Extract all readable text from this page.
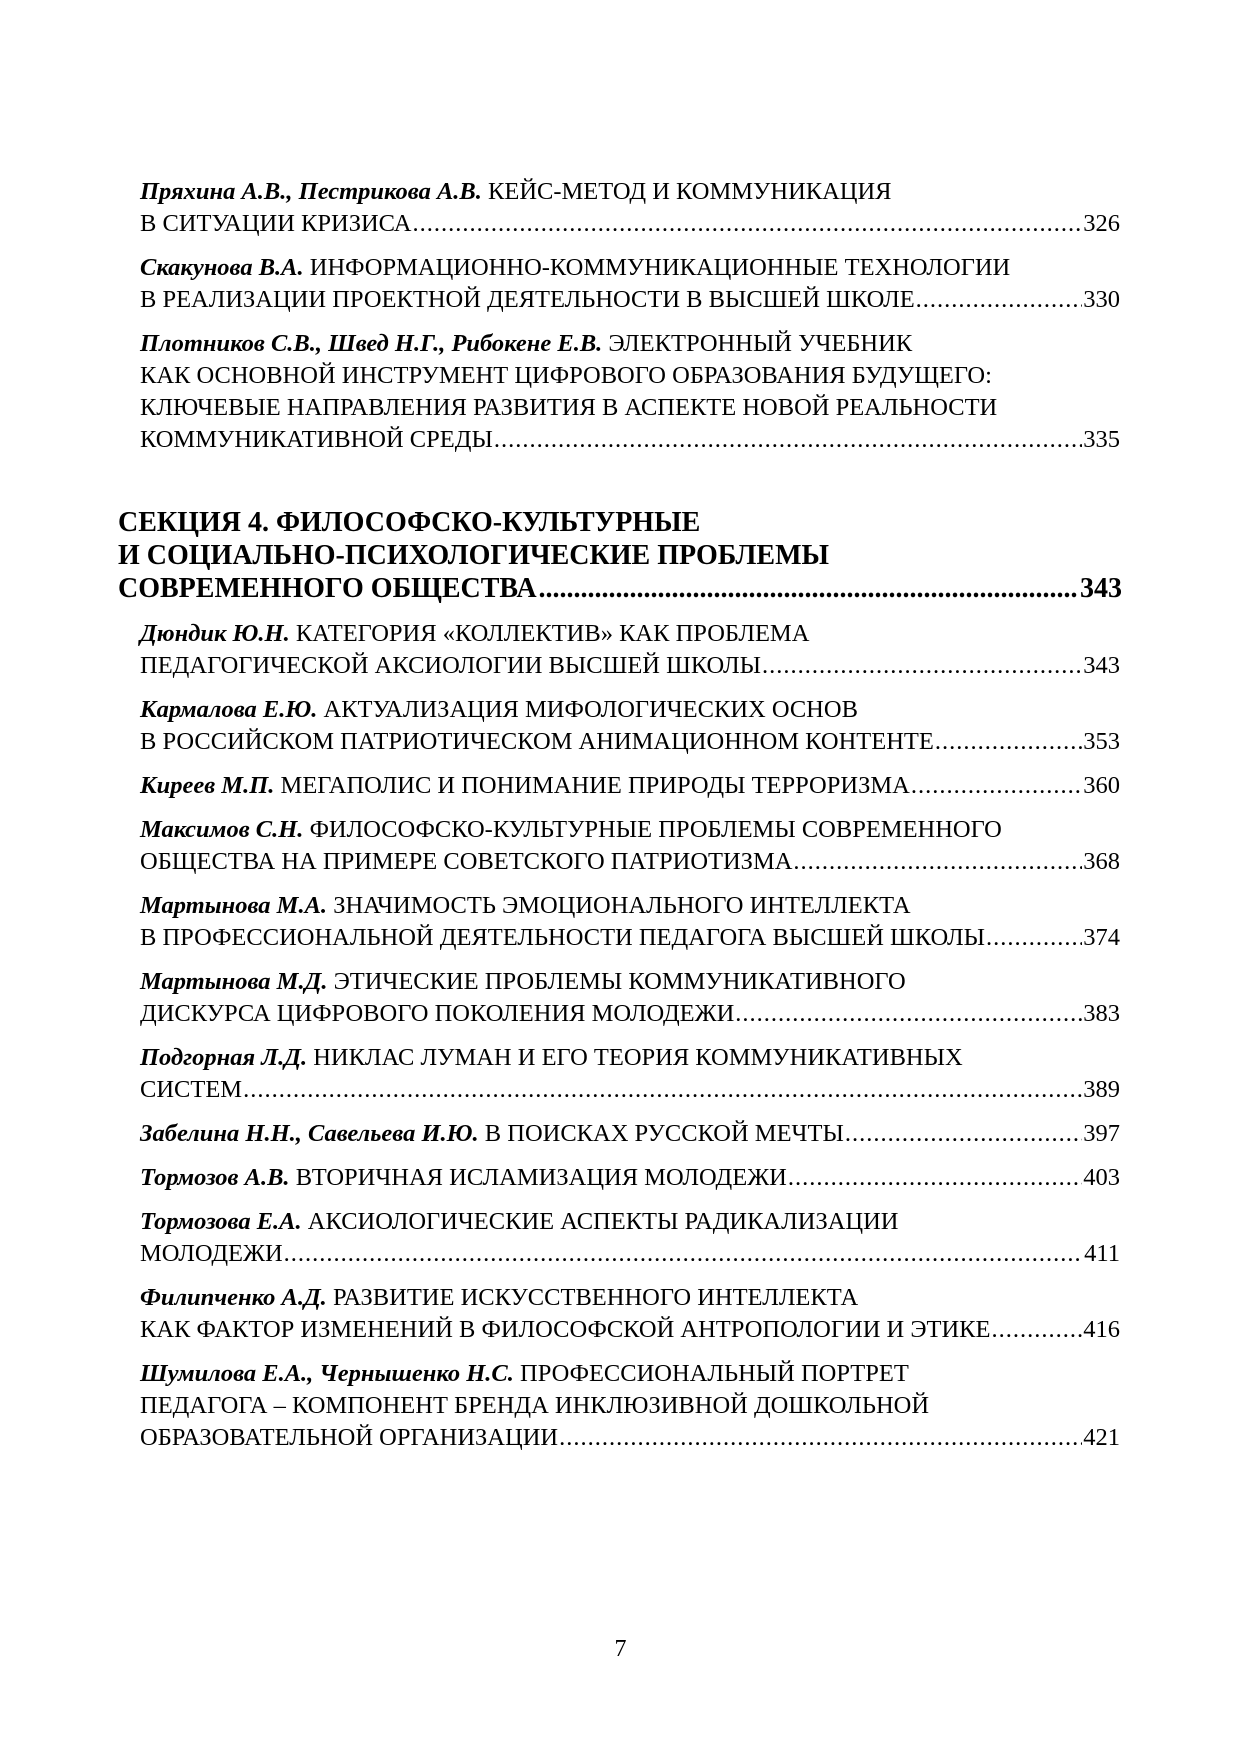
Пряхина А.В., Пестрикова А.В. КЕЙС-МЕТОД И КОММУНИКАЦИЯ
В СИТУАЦИИ КРИЗИСА .....	326
Скакунова В.А. ИНФОРМАЦИОННО-КОММУНИКАЦИОННЫЕ ТЕХНОЛОГИИ
В РЕАЛИЗАЦИИ ПРОЕКТНОЙ ДЕЯТЕЛЬНОСТИ В ВЫСШЕЙ ШКОЛЕ .....	330
Плотников С.В., Швед Н.Г., Рибокене Е.В. ЭЛЕКТРОННЫЙ УЧЕБНИК
КАК ОСНОВНОЙ ИНСТРУМЕНТ ЦИФРОВОГО ОБРАЗОВАНИЯ БУДУЩЕГО:
КЛЮЧЕВЫЕ НАПРАВЛЕНИЯ РАЗВИТИЯ В АСПЕКТЕ НОВОЙ РЕАЛЬНОСТИ
КОММУНИКАТИВНОЙ СРЕДЫ .....	335
СЕКЦИЯ 4. ФИЛОСОФСКО-КУЛЬТУРНЫЕ
И СОЦИАЛЬНО-ПСИХОЛОГИЧЕСКИЕ ПРОБЛЕМЫ
СОВРЕМЕННОГО ОБЩЕСТВА .....	343
Дюндик Ю.Н. КАТЕГОРИЯ «КОЛЛЕКТИВ» КАК ПРОБЛЕМА
ПЕДАГОГИЧЕСКОЙ АКСИОЛОГИИ ВЫСШЕЙ ШКОЛЫ .....	343
Кармалова Е.Ю. АКТУАЛИЗАЦИЯ МИФОЛОГИЧЕСКИХ ОСНОВ
В РОССИЙСКОМ ПАТРИОТИЧЕСКОМ АНИМАЦИОННОМ КОНТЕНТЕ .....	353
Киреев М.П. МЕГАПОЛИС И ПОНИМАНИЕ ПРИРОДЫ ТЕРРОРИЗМА .....	360
Максимов С.Н. ФИЛОСОФСКО-КУЛЬТУРНЫЕ ПРОБЛЕМЫ СОВРЕМЕННОГО
ОБЩЕСТВА НА ПРИМЕРЕ СОВЕТСКОГО ПАТРИОТИЗМА .....	368
Мартынова М.А. ЗНАЧИМОСТЬ ЭМОЦИОНАЛЬНОГО ИНТЕЛЛЕКТА
В ПРОФЕССИОНАЛЬНОЙ ДЕЯТЕЛЬНОСТИ ПЕДАГОГА ВЫСШЕЙ ШКОЛЫ .....	374
Мартынова М.Д. ЭТИЧЕСКИЕ ПРОБЛЕМЫ КОММУНИКАТИВНОГО
ДИСКУРСА ЦИФРОВОГО ПОКОЛЕНИЯ МОЛОДЕЖИ .....	383
Подгорная Л.Д. НИКЛАС ЛУМАН И ЕГО ТЕОРИЯ КОММУНИКАТИВНЫХ
СИСТЕМ .....	389
Забелина Н.Н., Савельева И.Ю. В ПОИСКАХ РУССКОЙ МЕЧТЫ .....	397
Тормозов А.В. ВТОРИЧНАЯ ИСЛАМИЗАЦИЯ МОЛОДЕЖИ .....	403
Тормозова Е.А. АКСИОЛОГИЧЕСКИЕ АСПЕКТЫ РАДИКАЛИЗАЦИИ
МОЛОДЕЖИ .....	411
Филипченко А.Д. РАЗВИТИЕ ИСКУССТВЕННОГО ИНТЕЛЛЕКТА
КАК ФАКТОР ИЗМЕНЕНИЙ В ФИЛОСОФСКОЙ АНТРОПОЛОГИИ И ЭТИКЕ .....	416
Шумилова Е.А., Чернышенко Н.С. ПРОФЕССИОНАЛЬНЫЙ ПОРТРЕТ
ПЕДАГОГА – КОМПОНЕНТ БРЕНДА ИНКЛЮЗИВНОЙ ДОШКОЛЬНОЙ
ОБРАЗОВАТЕЛЬНОЙ ОРГАНИЗАЦИИ .....	421
7
